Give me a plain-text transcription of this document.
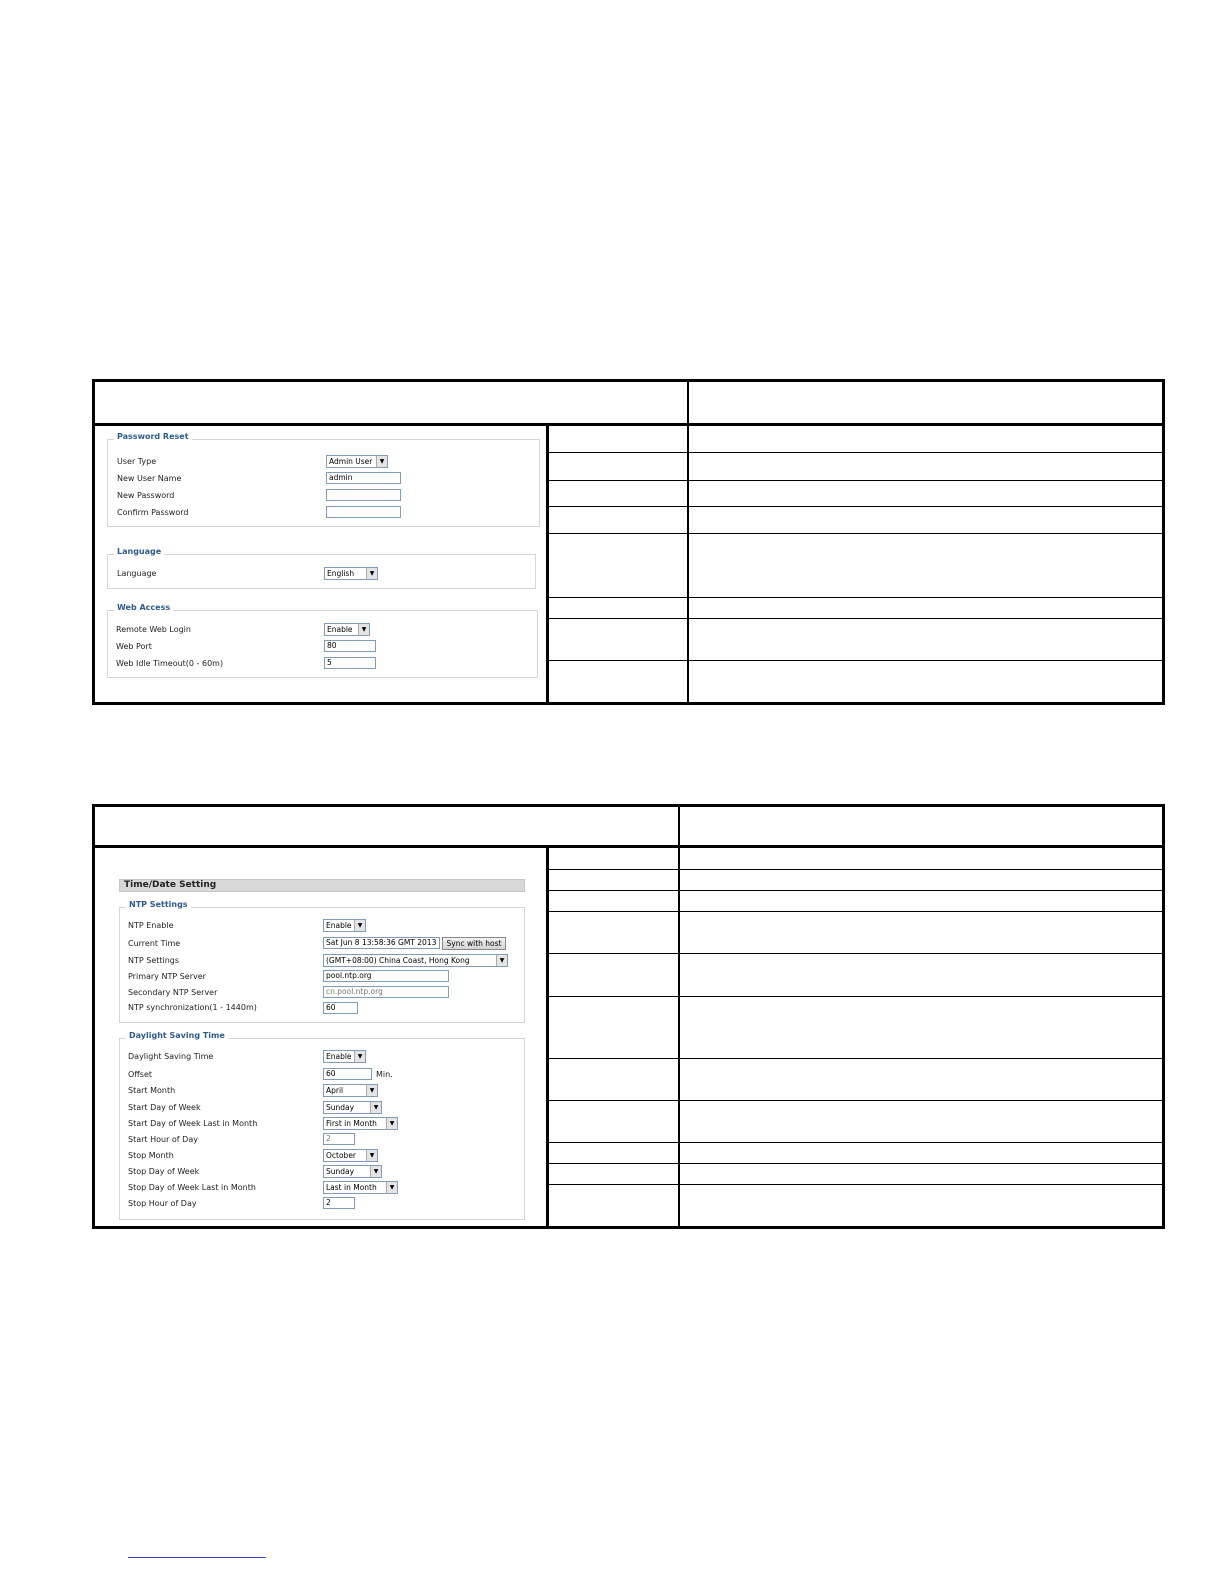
Password Reset
User Type	Admin User	▼
New User Name	admin
New Password
Confirm Password
Language
Language	English	▼
Web Access
Remote Web Login	Enable	▼
Web Port	80
Web Idle Timeout(0 - 60m)	5
Time/Date Setting
NTP Settings
NTP Enable	Enable	▼
Current Time	Sat Jun 8 13:58:36 GMT 2013	Sync with host
NTP Settings	(GMT+08:00) China Coast, Hong Kong	▼
Primary NTP Server	pool.ntp.org
Secondary NTP Server	cn.pool.ntp.org
NTP synchronization(1 - 1440m)	60
Daylight Saving Time
Daylight Saving Time	Enable	▼
Offset	60	Min.
Start Month	April	▼
Start Day of Week	Sunday	▼
Start Day of Week Last in Month	First in Month	▼
Start Hour of Day	2
Stop Month	October	▼
Stop Day of Week	Sunday	▼
Stop Day of Week Last in Month	Last in Month	▼
Stop Hour of Day	2
